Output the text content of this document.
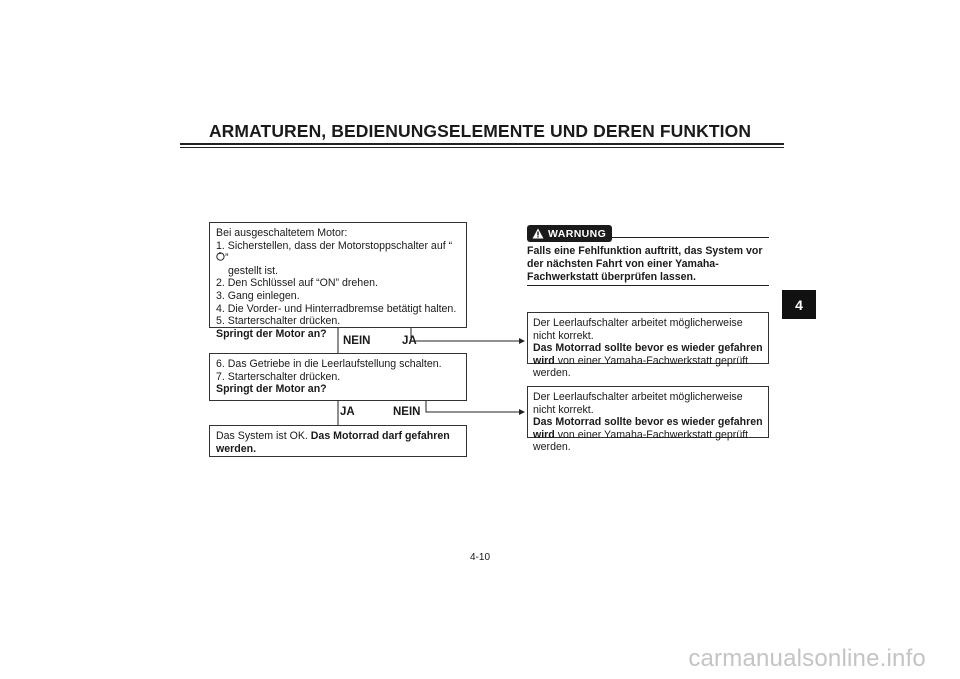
ARMATUREN, BEDIENUNGSELEMENTE UND DEREN FUNKTION
4

Bei ausgeschaltetem Motor:

1. Sicherstellen, dass der Motorstoppschalter auf “”

gestellt ist.

2. Den Schlüssel auf “ON” drehen.

3. Gang einlegen.

4. Die Vorder- und Hinterradbremse betätigt halten.

5. Starterschalter drücken.

Springt der Motor an?

NEIN	JA

6. Das Getriebe in die Leerlaufstellung schalten.

7. Starterschalter drücken.

Springt der Motor an?

JA	NEIN

Das System ist OK. Das Motorrad darf gefahren werden.

WARNUNG
Falls eine Fehlfunktion auftritt, das System vor der nächsten Fahrt von einer Yamaha-Fachwerkstatt überprüfen lassen.

Der Leerlaufschalter arbeitet möglicherweise nicht korrekt.

Das Motorrad sollte bevor es wieder gefahren wird von einer Yamaha-Fachwerkstatt geprüft werden.

Der Leerlaufschalter arbeitet möglicherweise nicht korrekt.

Das Motorrad sollte bevor es wieder gefahren wird von einer Yamaha-Fachwerkstatt geprüft werden.

4-10
carmanualsonline.info
